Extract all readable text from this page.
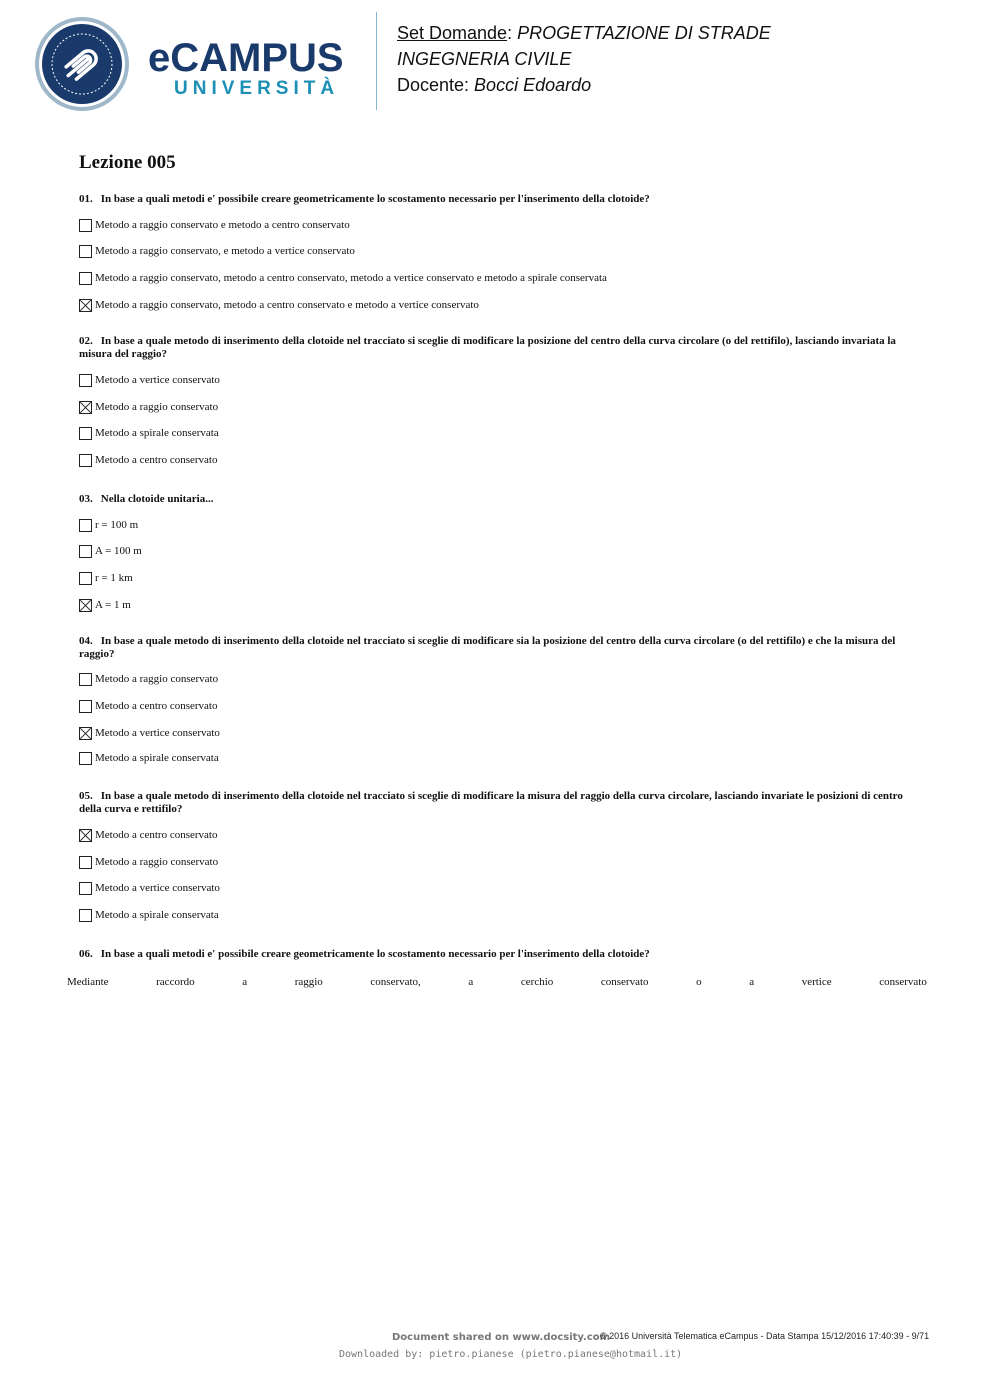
eCAMPUS
UNIVERSITÀ
Set Domande: PROGETTAZIONE DI STRADE
INGEGNERIA CIVILE
Docente: Bocci Edoardo
Lezione 005
01. In base a quali metodi e' possibile creare geometricamente lo scostamento necessario per l'inserimento della clotoide?
Metodo a raggio conservato e metodo a centro conservato
Metodo a raggio conservato, e metodo a vertice conservato
Metodo a raggio conservato, metodo a centro conservato, metodo a vertice conservato e metodo a spirale conservata
Metodo a raggio conservato, metodo a centro conservato e metodo a vertice conservato
02. In base a quale metodo di inserimento della clotoide nel tracciato si sceglie di modificare la posizione del centro della curva circolare (o del rettifilo), lasciando invariata la misura del raggio?
Metodo a vertice conservato
Metodo a raggio conservato
Metodo a spirale conservata
Metodo a centro conservato
03. Nella clotoide unitaria...
r = 100 m
A = 100 m
r = 1 km
A = 1 m
04. In base a quale metodo di inserimento della clotoide nel tracciato si sceglie di modificare sia la posizione del centro della curva circolare (o del rettifilo) e che la misura del raggio?
Metodo a raggio conservato
Metodo a centro conservato
Metodo a vertice conservato
Metodo a spirale conservata
05. In base a quale metodo di inserimento della clotoide nel tracciato si sceglie di modificare la misura del raggio della curva circolare, lasciando invariate le posizioni di centro della curva e rettifilo?
Metodo a centro conservato
Metodo a raggio conservato
Metodo a vertice conservato
Metodo a spirale conservata
06. In base a quali metodi e' possibile creare geometricamente lo scostamento necessario per l'inserimento della clotoide?
Mediante	raccordo	a	raggio	conservato,	a	cerchio	conservato	o	a	vertice	conservato
Document shared on www.docsity.com
© 2016 Università Telematica eCampus - Data Stampa 15/12/2016 17:40:39 - 9/71
Downloaded by: pietro.pianese (pietro.pianese@hotmail.it)
